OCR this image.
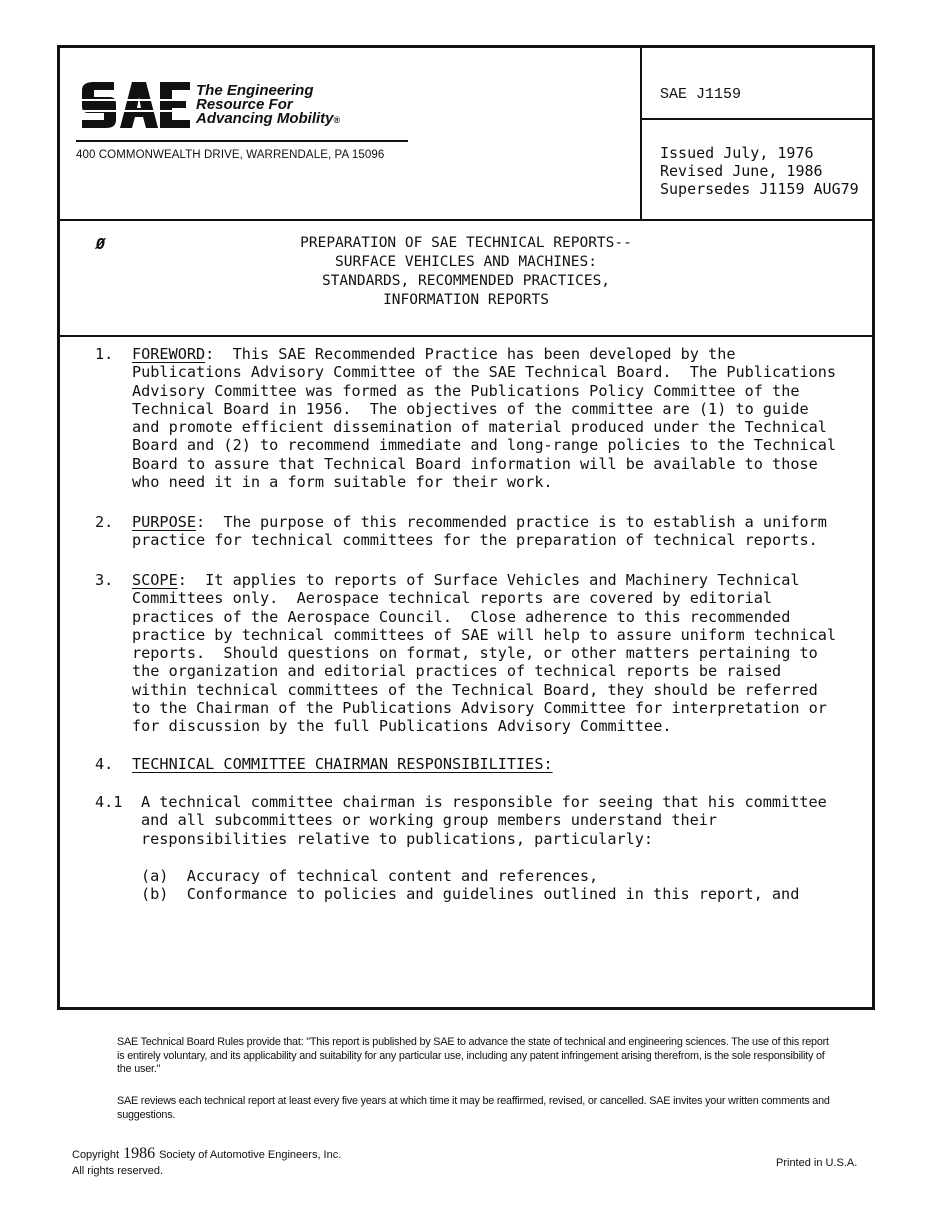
The Engineering
Resource For
Advancing Mobility®
400 COMMONWEALTH DRIVE, WARRENDALE, PA 15096
SAE J1159
Issued July, 1976
Revised June, 1986
Supersedes J1159 AUG79
Ø	PREPARATION OF SAE TECHNICAL REPORTS--
SURFACE VEHICLES AND MACHINES:
STANDARDS, RECOMMENDED PRACTICES,
INFORMATION REPORTS
1. FOREWORD:  This SAE Recommended Practice has been developed by the
Publications Advisory Committee of the SAE Technical Board.  The Publications
Advisory Committee was formed as the Publications Policy Committee of the
Technical Board in 1956.  The objectives of the committee are (1) to guide
and promote efficient dissemination of material produced under the Technical
Board and (2) to recommend immediate and long-range policies to the Technical
Board to assure that Technical Board information will be available to those
who need it in a form suitable for their work.
2. PURPOSE:  The purpose of this recommended practice is to establish a uniform
practice for technical committees for the preparation of technical reports.
3. SCOPE:  It applies to reports of Surface Vehicles and Machinery Technical
Committees only.  Aerospace technical reports are covered by editorial
practices of the Aerospace Council.  Close adherence to this recommended
practice by technical committees of SAE will help to assure uniform technical
reports.  Should questions on format, style, or other matters pertaining to
the organization and editorial practices of technical reports be raised
within technical committees of the Technical Board, they should be referred
to the Chairman of the Publications Advisory Committee for interpretation or
for discussion by the full Publications Advisory Committee.
4. TECHNICAL COMMITTEE CHAIRMAN RESPONSIBILITIES:
4.1 A technical committee chairman is responsible for seeing that his committee
and all subcommittees or working group members understand their
responsibilities relative to publications, particularly:
(a)  Accuracy of technical content and references,
(b)  Conformance to policies and guidelines outlined in this report, and
SAE Technical Board Rules provide that: "This report is published by SAE to advance the state of technical and engineering sciences. The use of this report is entirely voluntary, and its applicability and suitability for any particular use, including any patent infringement arising therefrom, is the sole responsibility of the user."
SAE reviews each technical report at least every five years at which time it may be reaffirmed, revised, or cancelled. SAE invites your written comments and suggestions.
Copyright 1986 Society of Automotive Engineers, Inc.
All rights reserved.
Printed in U.S.A.
